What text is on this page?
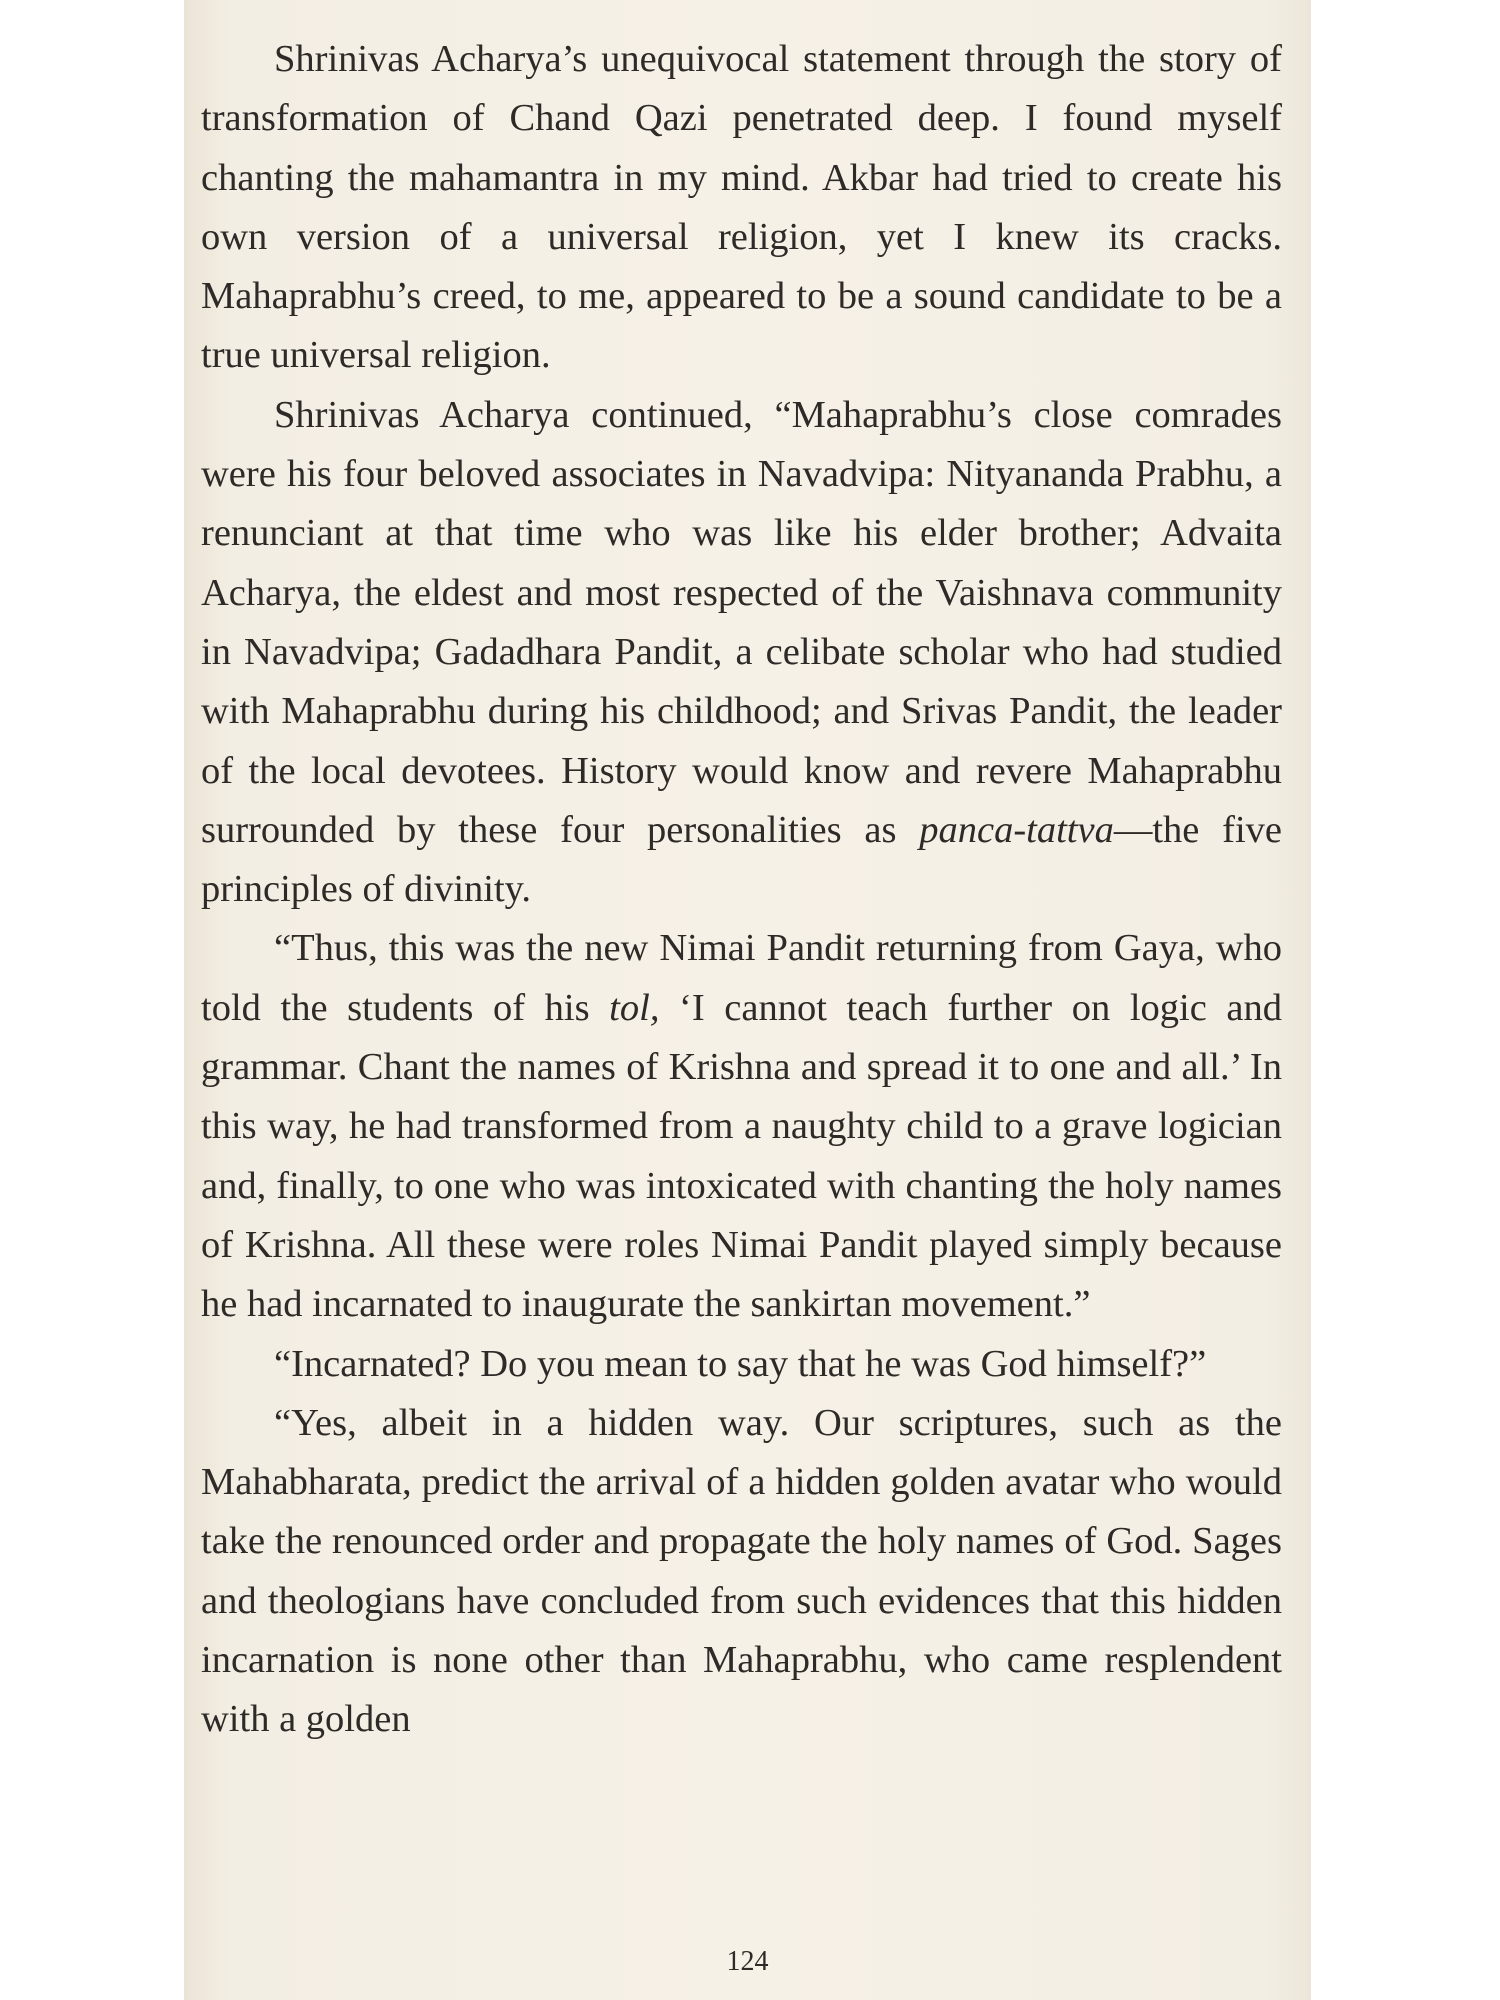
Shrinivas Acharya’s unequivocal statement through the story of transformation of Chand Qazi penetrated deep. I found myself chanting the mahamantra in my mind. Akbar had tried to create his own version of a universal religion, yet I knew its cracks. Mahaprabhu’s creed, to me, appeared to be a sound candidate to be a true universal religion.

Shrinivas Acharya continued, “Mahaprabhu’s close comrades were his four beloved associates in Navadvipa: Nityananda Prabhu, a renunciant at that time who was like his elder brother; Advaita Acharya, the eldest and most respected of the Vaishnava community in Navadvipa; Gadadhara Pandit, a celibate scholar who had studied with Mahaprabhu during his childhood; and Srivas Pandit, the leader of the local devotees. History would know and revere Mahaprabhu surrounded by these four personalities as panca-tattva—the five principles of divinity.

“Thus, this was the new Nimai Pandit returning from Gaya, who told the students of his tol, ‘I cannot teach further on logic and grammar. Chant the names of Krishna and spread it to one and all.’ In this way, he had transformed from a naughty child to a grave logician and, finally, to one who was intoxicated with chanting the holy names of Krishna. All these were roles Nimai Pandit played simply because he had incarnated to inaugurate the sankirtan movement.”

“Incarnated? Do you mean to say that he was God himself?”

“Yes, albeit in a hidden way. Our scriptures, such as the Mahabharata, predict the arrival of a hidden golden avatar who would take the renounced order and propagate the holy names of God. Sages and theologians have concluded from such evidences that this hidden incarnation is none other than Mahaprabhu, who came resplendent with a golden

124
